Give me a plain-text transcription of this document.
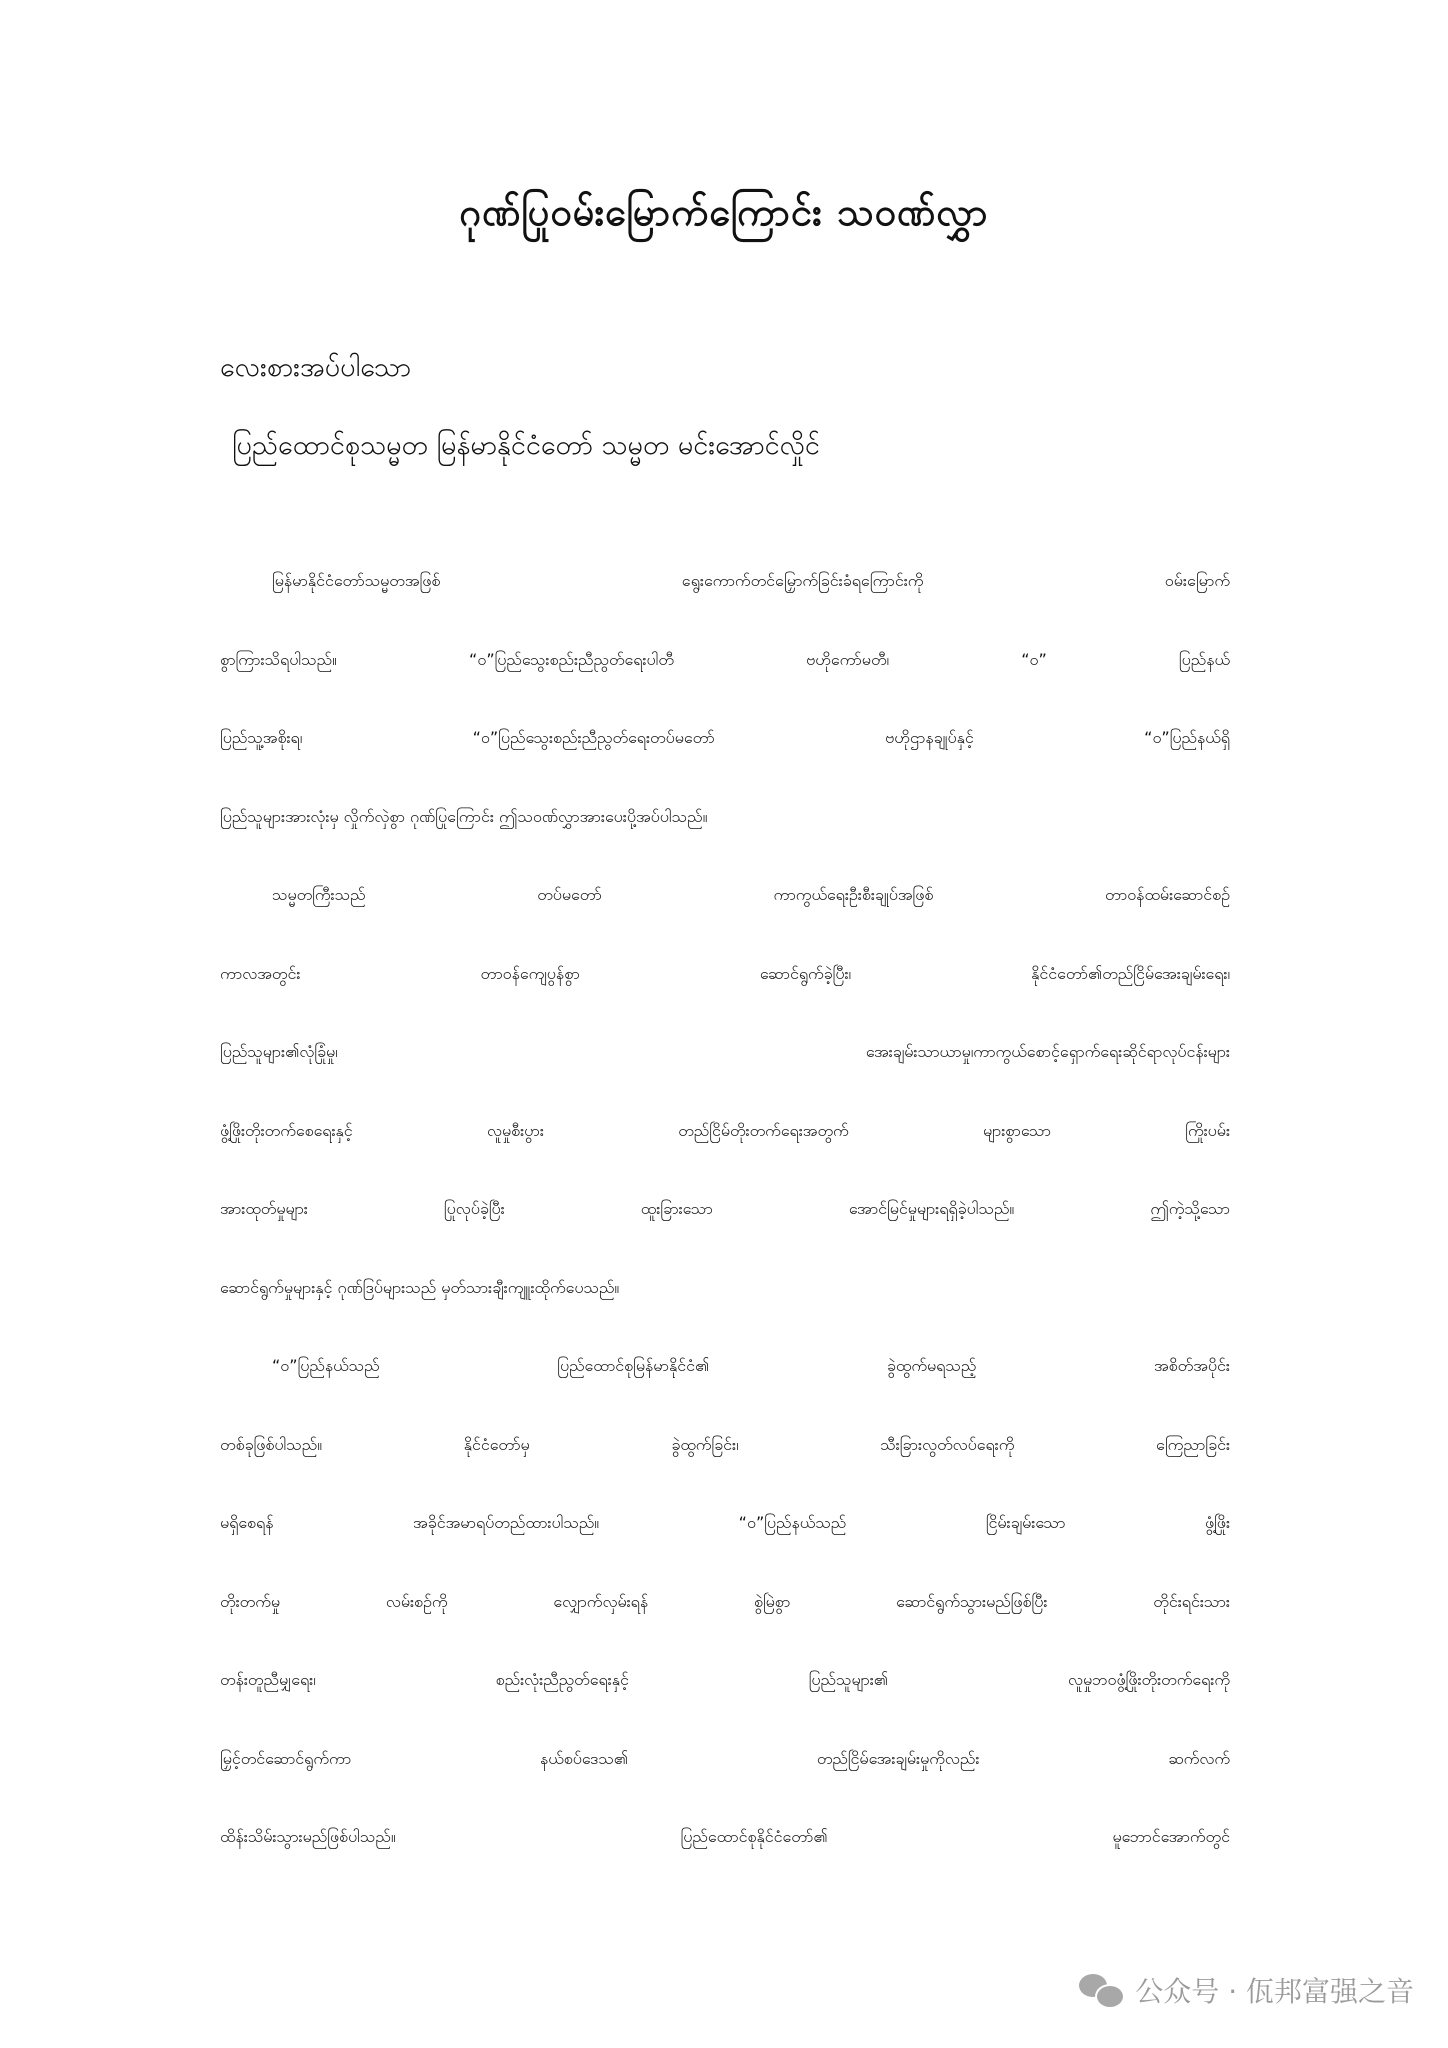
ဂုဏ်ပြုဝမ်းမြောက်ကြောင်း သဝဏ်လွှာ
လေးစားအပ်ပါသော
ပြည်ထောင်စုသမ္မတ မြန်မာနိုင်ငံတော် သမ္မတ မင်းအောင်လှိုင်
မြန်မာနိုင်ငံတော်သမ္မတအဖြစ် ရွေးကောက်တင်မြှောက်ခြင်းခံရကြောင်းကို ဝမ်းမြောက်
စွာကြားသိရပါသည်။ “ဝ”ပြည်သွေးစည်းညီညွတ်ရေးပါတီ ဗဟိုကော်မတီ၊ “ဝ” ပြည်နယ်
ပြည်သူ့အစိုးရ၊ “ဝ”ပြည်သွေးစည်းညီညွတ်ရေးတပ်မတော် ဗဟိုဌာနချုပ်နှင့် “ဝ”ပြည်နယ်ရှိ
ပြည်သူများအားလုံးမှ လှိုက်လှဲစွာ ဂုဏ်ပြုကြောင်း ဤသဝဏ်လွှာအားပေးပို့အပ်ပါသည်။
သမ္မတကြီးသည် တပ်မတော် ကာကွယ်ရေးဦးစီးချုပ်အဖြစ် တာဝန်ထမ်းဆောင်စဉ်
ကာလအတွင်း တာဝန်ကျေပွန်စွာ ဆောင်ရွက်ခဲ့ပြီး၊ နိုင်ငံတော်၏တည်ငြိမ်အေးချမ်းရေး၊
ပြည်သူများ၏လုံခြုံမှု၊ အေးချမ်းသာယာမှု၊ကာကွယ်စောင့်ရှောက်ရေးဆိုင်ရာလုပ်ငန်းများ
ဖွံ့ဖြိုးတိုးတက်စေရေးနှင့် လူမှုစီးပွား တည်ငြိမ်တိုးတက်ရေးအတွက် များစွာသော ကြိုးပမ်း
အားထုတ်မှုများ ပြုလုပ်ခဲ့ပြီး ထူးခြားသော အောင်မြင်မှုများရရှိခဲ့ပါသည်။ ဤကဲ့သို့သော
ဆောင်ရွက်မှုများနှင့် ဂုဏ်ဒြပ်များသည် မှတ်သားချီးကျူးထိုက်ပေသည်။
“ဝ”ပြည်နယ်သည် ပြည်ထောင်စုမြန်မာနိုင်ငံ၏ ခွဲထွက်မရသည့် အစိတ်အပိုင်း
တစ်ခုဖြစ်ပါသည်။ နိုင်ငံတော်မှ ခွဲထွက်ခြင်း၊ သီးခြားလွတ်လပ်ရေးကို ကြေညာခြင်း
မရှိစေရန် အခိုင်အမာရပ်တည်ထားပါသည်။ “ဝ”ပြည်နယ်သည် ငြိမ်းချမ်းသော ဖွံ့ဖြိုး
တိုးတက်မှု လမ်းစဉ်ကို လျှောက်လှမ်းရန် စွဲမြဲစွာ ဆောင်ရွက်သွားမည်ဖြစ်ပြီး တိုင်းရင်းသား
တန်းတူညီမျှရေး၊ စည်းလုံးညီညွတ်ရေးနှင့် ပြည်သူများ၏ လူမှုဘဝဖွံ့ဖြိုးတိုးတက်ရေးကို
မြှင့်တင်ဆောင်ရွက်ကာ နယ်စပ်ဒေသ၏ တည်ငြိမ်အေးချမ်းမှုကိုလည်း ဆက်လက်
ထိန်းသိမ်းသွားမည်ဖြစ်ပါသည်။ ပြည်ထောင်စုနိုင်ငံတော်၏ မူဘောင်အောက်တွင်
公众号 · 佤邦富强之音
